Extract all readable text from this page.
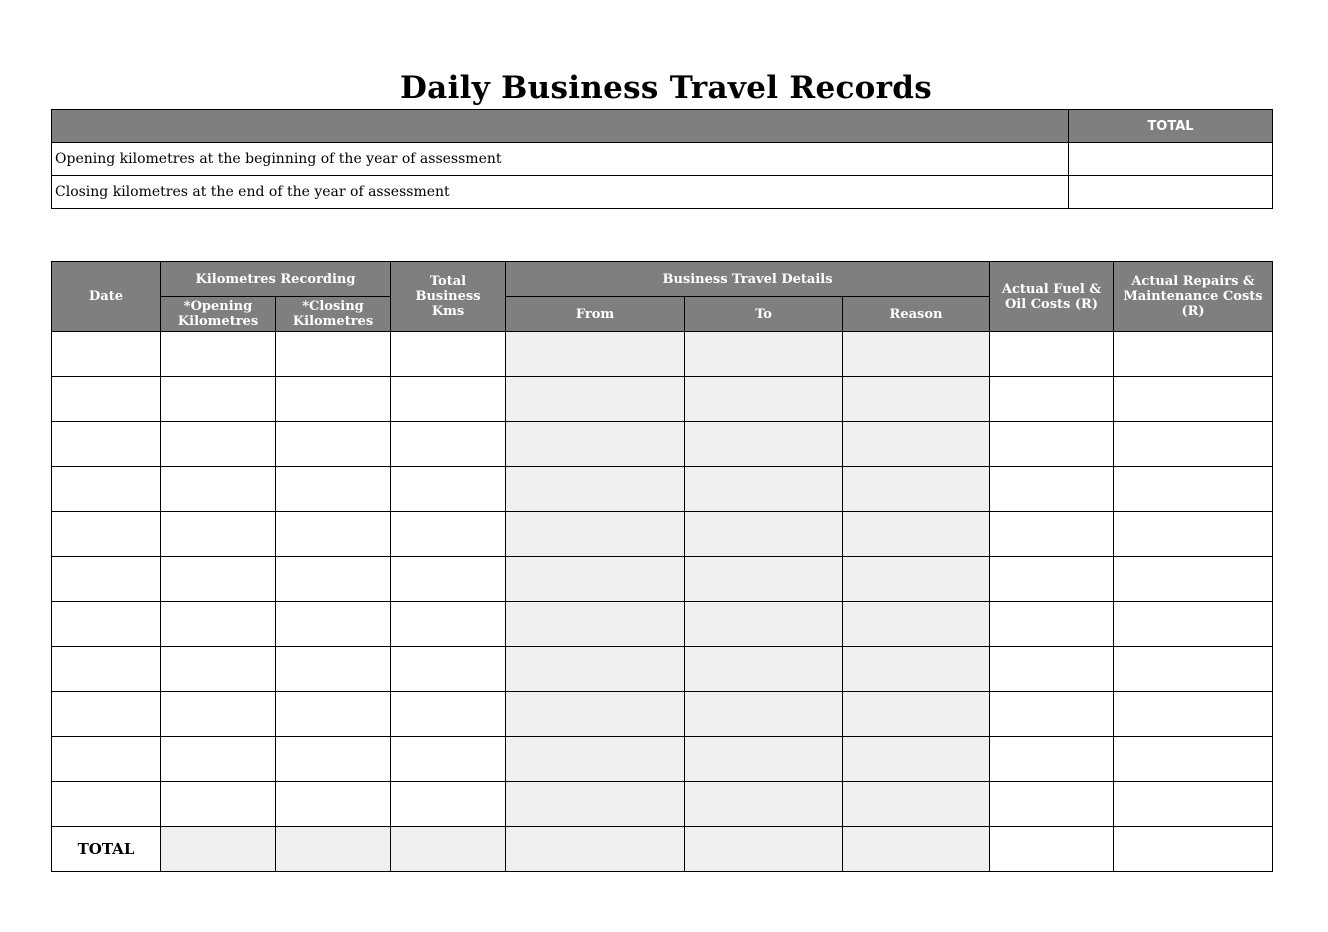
Daily Business Travel Records
	TOTAL
Opening kilometres at the beginning of the year of assessment	
Closing kilometres at the end of the year of assessment	
Date	Kilometres Recording		Total Business Kms	Business Travel Details			Actual Fuel & Oil Costs (R)	Actual Repairs & Maintenance Costs (R)

	*Opening Kilometres	*Closing Kilometres		From	To	Reason		

TOTAL								
